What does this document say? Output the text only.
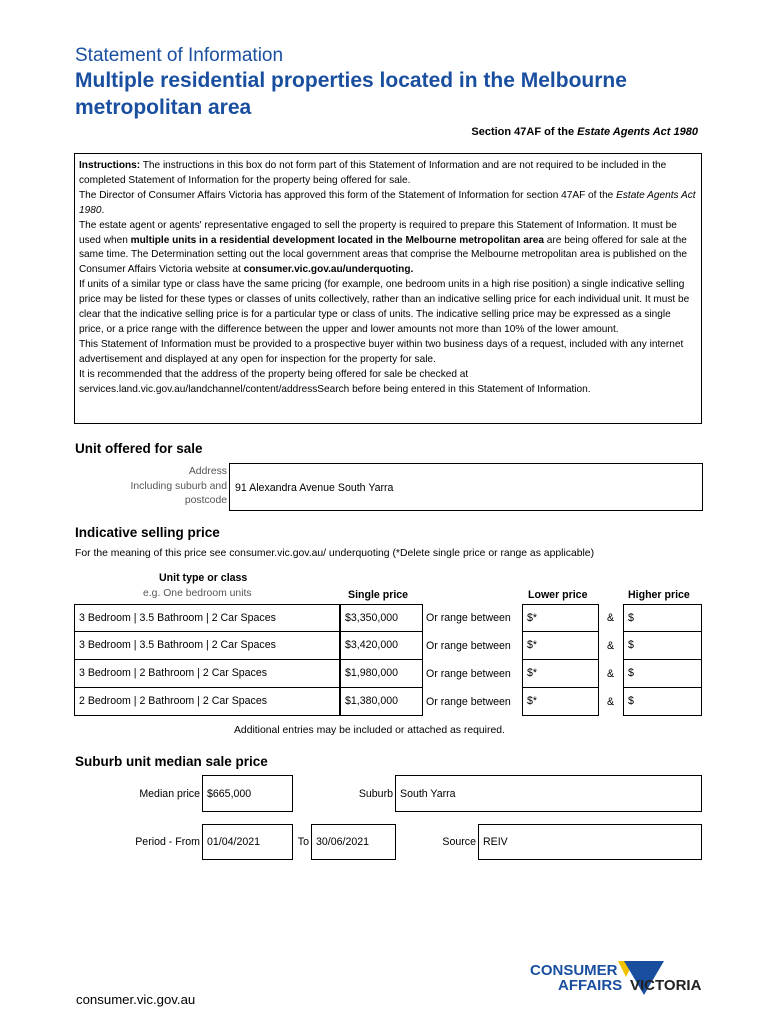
Statement of Information
Multiple residential properties located in the Melbourne metropolitan area
Section 47AF of the Estate Agents Act 1980

Instructions: The instructions in this box do not form part of this Statement of Information and are not required to be included in the completed Statement of Information for the property being offered for sale.

The Director of Consumer Affairs Victoria has approved this form of the Statement of Information for section 47AF of the Estate Agents Act 1980.

The estate agent or agents' representative engaged to sell the property is required to prepare this Statement of Information. It must be used when multiple units in a residential development located in the Melbourne metropolitan area are being offered for sale at the same time. The Determination setting out the local government areas that comprise the Melbourne metropolitan area is published on the Consumer Affairs Victoria website at consumer.vic.gov.au/underquoting.

If units of a similar type or class have the same pricing (for example, one bedroom units in a high rise position) a single indicative selling price may be listed for these types or classes of units collectively, rather than an indicative selling price for each individual unit. It must be clear that the indicative selling price is for a particular type or class of units. The indicative selling price may be expressed as a single price, or a price range with the difference between the upper and lower amounts not more than 10% of the lower amount.

This Statement of Information must be provided to a prospective buyer within two business days of a request, included with any internet advertisement and displayed at any open for inspection for the property for sale.

It is recommended that the address of the property being offered for sale be checked at services.land.vic.gov.au/landchannel/content/addressSearch before being entered in this Statement of Information.

Unit offered for sale
Address
Including suburb and
postcode
91 Alexandra Avenue South Yarra
Indicative selling price
For the meaning of this price see consumer.vic.gov.au/ underquoting (*Delete single price or range as applicable)
Unit type or class
e.g. One bedroom units	Single price	Lower price	Higher price
3 Bedroom | 3.5 Bathroom | 2 Car Spaces	$3,350,000	Or range between	$*	&	$
3 Bedroom | 3.5 Bathroom | 2 Car Spaces	$3,420,000	Or range between	$*	&	$
3 Bedroom | 2 Bathroom | 2 Car Spaces	$1,980,000	Or range between	$*	&	$
2 Bedroom | 2 Bathroom | 2 Car Spaces	$1,380,000	Or range between	$*	&	$
Additional entries may be included or attached as required.
Suburb unit median sale price
Median price $665,000	Suburb South Yarra
Period - From 01/04/2021	To 30/06/2021	Source REIV
CONSUMER
AFFAIRS VICTORIA
consumer.vic.gov.au
